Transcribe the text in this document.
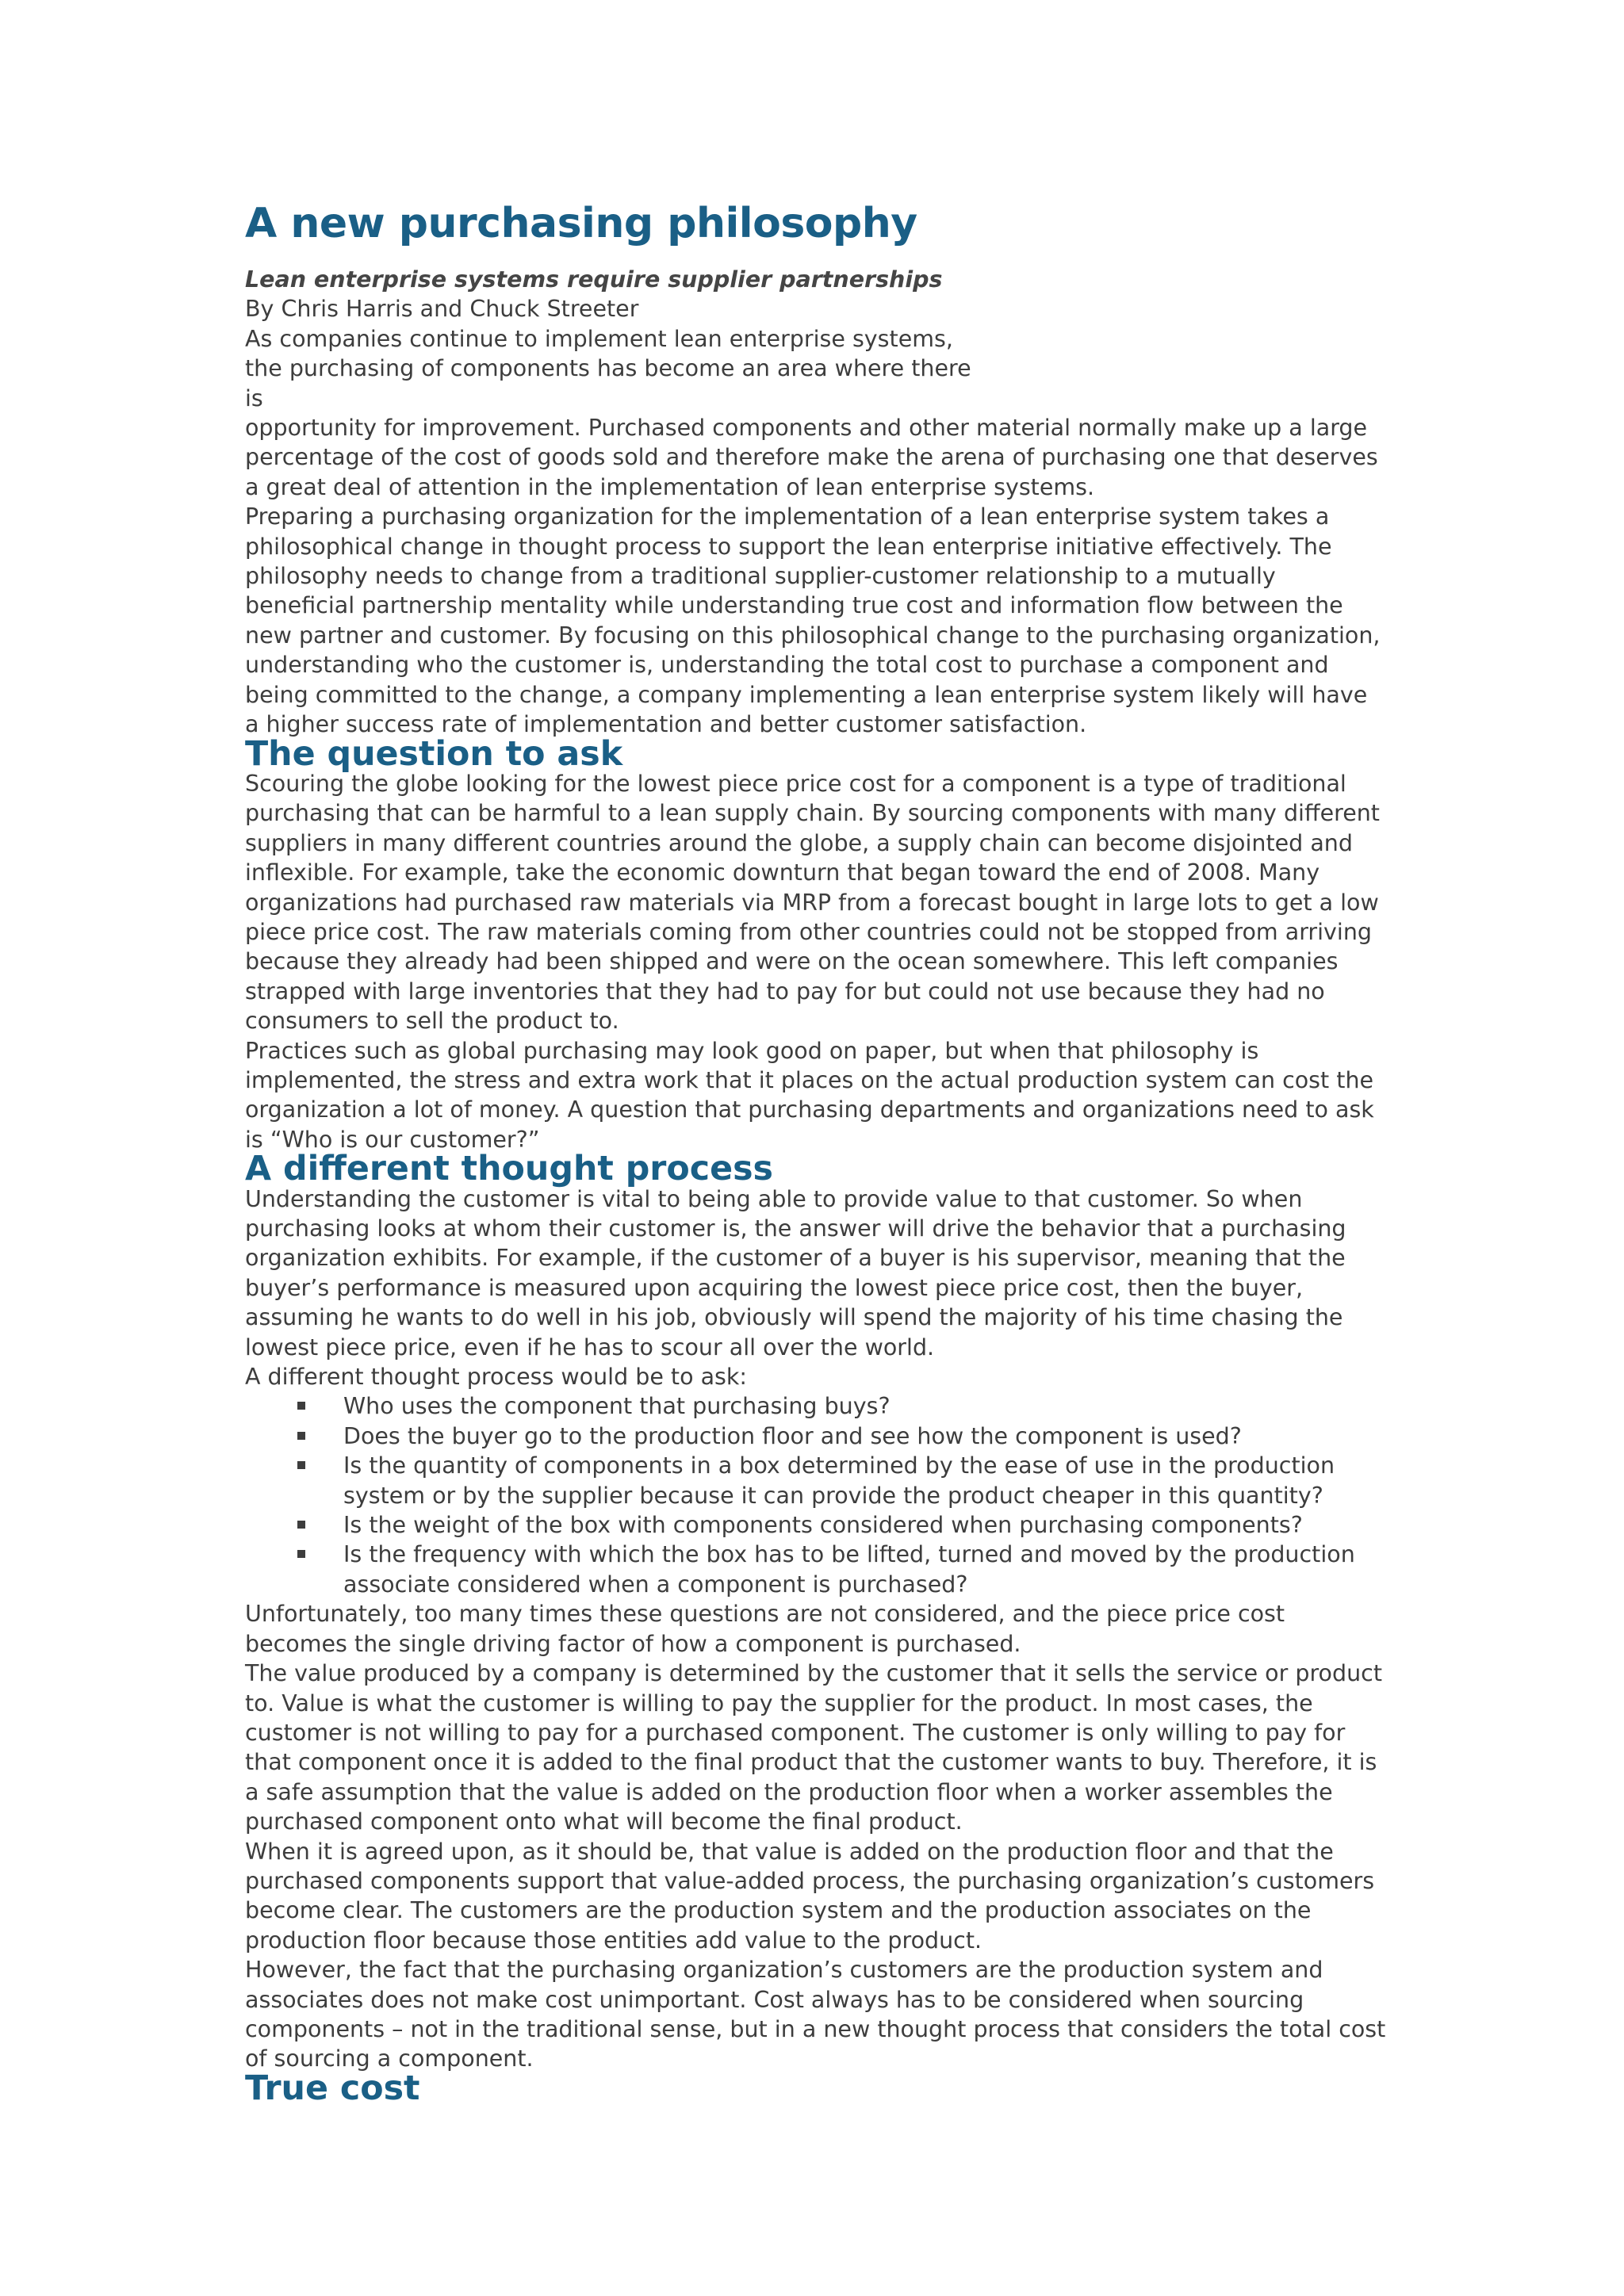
A new purchasing philosophy

Lean enterprise systems require supplier partnerships

By Chris Harris and Chuck Streeter

As companies continue to implement lean enterprise systems, the purchasing of components has become an area where there is

opportunity for improvement. Purchased components and other material normally make up a large percentage of the cost of goods sold and therefore make the arena of purchasing one that deserves a great deal of attention in the implementation of lean enterprise systems.

Preparing a purchasing organization for the implementation of a lean enterprise system takes a philosophical change in thought process to support the lean enterprise initiative effectively. The philosophy needs to change from a traditional supplier-customer relationship to a mutually beneficial partnership mentality while understanding true cost and information flow between the new partner and customer. By focusing on this philosophical change to the purchasing organization, understanding who the customer is, understanding the total cost to purchase a component and being committed to the change, a company implementing a lean enterprise system likely will have a higher success rate of implementation and better customer satisfaction.

The question to ask

Scouring the globe looking for the lowest piece price cost for a component is a type of traditional purchasing that can be harmful to a lean supply chain. By sourcing components with many different suppliers in many different countries around the globe, a supply chain can become disjointed and inflexible. For example, take the economic downturn that began toward the end of 2008. Many organizations had purchased raw materials via MRP from a forecast bought in large lots to get a low piece price cost. The raw materials coming from other countries could not be stopped from arriving because they already had been shipped and were on the ocean somewhere. This left companies strapped with large inventories that they had to pay for but could not use because they had no consumers to sell the product to.

Practices such as global purchasing may look good on paper, but when that philosophy is implemented, the stress and extra work that it places on the actual production system can cost the organization a lot of money. A question that purchasing departments and organizations need to ask is “Who is our customer?”

A different thought process

Understanding the customer is vital to being able to provide value to that customer. So when purchasing looks at whom their customer is, the answer will drive the behavior that a purchasing organization exhibits. For example, if the customer of a buyer is his supervisor, meaning that the buyer’s performance is measured upon acquiring the lowest piece price cost, then the buyer, assuming he wants to do well in his job, obviously will spend the majority of his time chasing the lowest piece price, even if he has to scour all over the world.

A different thought process would be to ask:

Who uses the component that purchasing buys?
Does the buyer go to the production floor and see how the component is used?
Is the quantity of components in a box determined by the ease of use in the production system or by the supplier because it can provide the product cheaper in this quantity?
Is the weight of the box with components considered when purchasing components?
Is the frequency with which the box has to be lifted, turned and moved by the production associate considered when a component is purchased?

Unfortunately, too many times these questions are not considered, and the piece price cost becomes the single driving factor of how a component is purchased.

The value produced by a company is determined by the customer that it sells the service or product to. Value is what the customer is willing to pay the supplier for the product. In most cases, the customer is not willing to pay for a purchased component. The customer is only willing to pay for that component once it is added to the final product that the customer wants to buy. Therefore, it is a safe assumption that the value is added on the production floor when a worker assembles the purchased component onto what will become the final product.

When it is agreed upon, as it should be, that value is added on the production floor and that the purchased components support that value-added process, the purchasing organization’s customers become clear. The customers are the production system and the production associates on the production floor because those entities add value to the product.

However, the fact that the purchasing organization’s customers are the production system and associates does not make cost unimportant. Cost always has to be considered when sourcing components – not in the traditional sense, but in a new thought process that considers the total cost of sourcing a component.

True cost
